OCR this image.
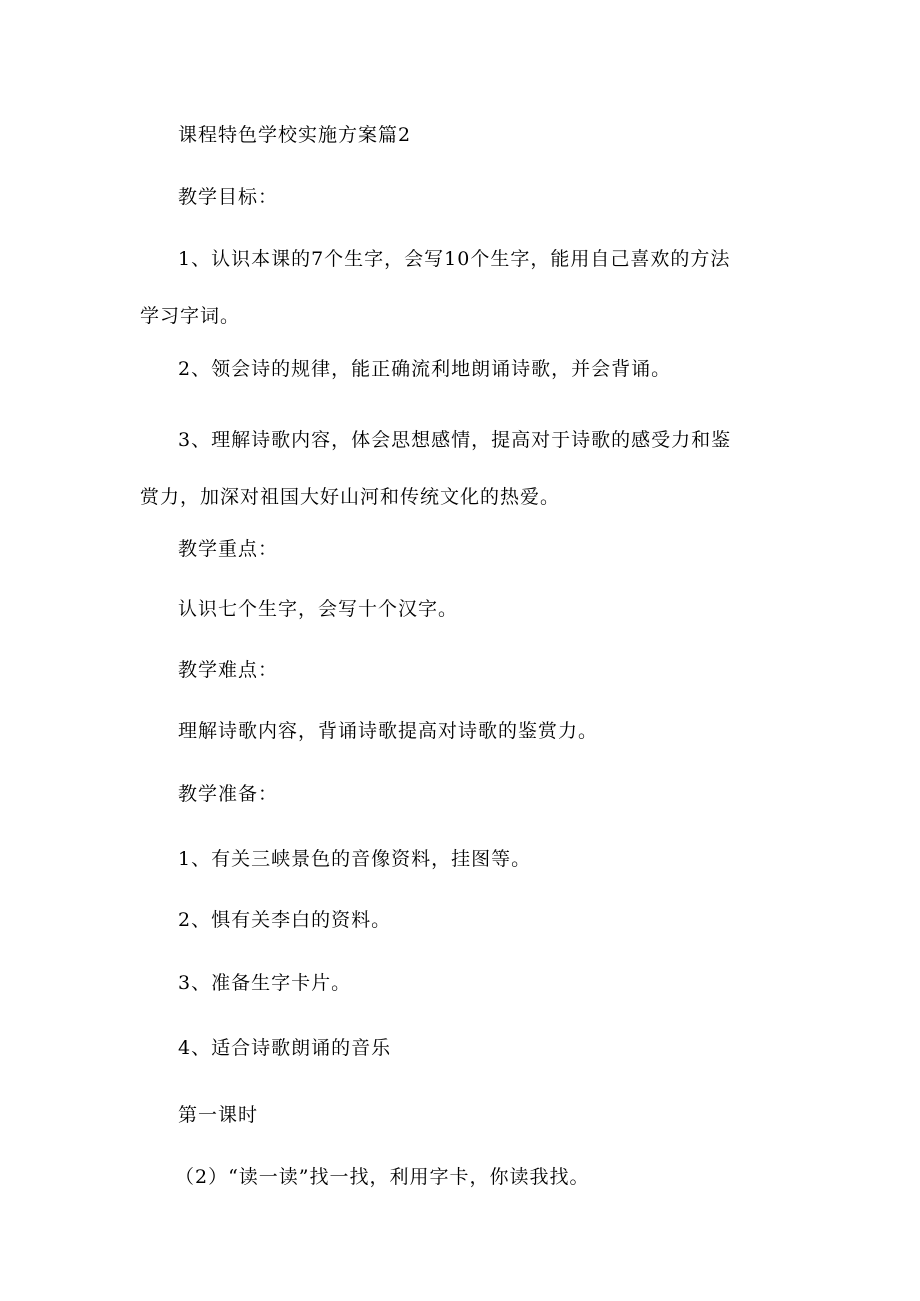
课程特色学校实施方案篇2

教学目标：

1、认识本课的7个生字，会写10个生字，能用自己喜欢的方法学习字词。

2、领会诗的规律，能正确流利地朗诵诗歌，并会背诵。

3、理解诗歌内容，体会思想感情，提高对于诗歌的感受力和鉴赏力，加深对祖国大好山河和传统文化的热爱。

教学重点：

认识七个生字，会写十个汉字。

教学难点：

理解诗歌内容，背诵诗歌提高对诗歌的鉴赏力。

教学准备：

1、有关三峡景色的音像资料，挂图等。

2、惧有关李白的资料。

3、准备生字卡片。

4、适合诗歌朗诵的音乐

第一课时

（2）“读一读”找一找，利用字卡，你读我找。
